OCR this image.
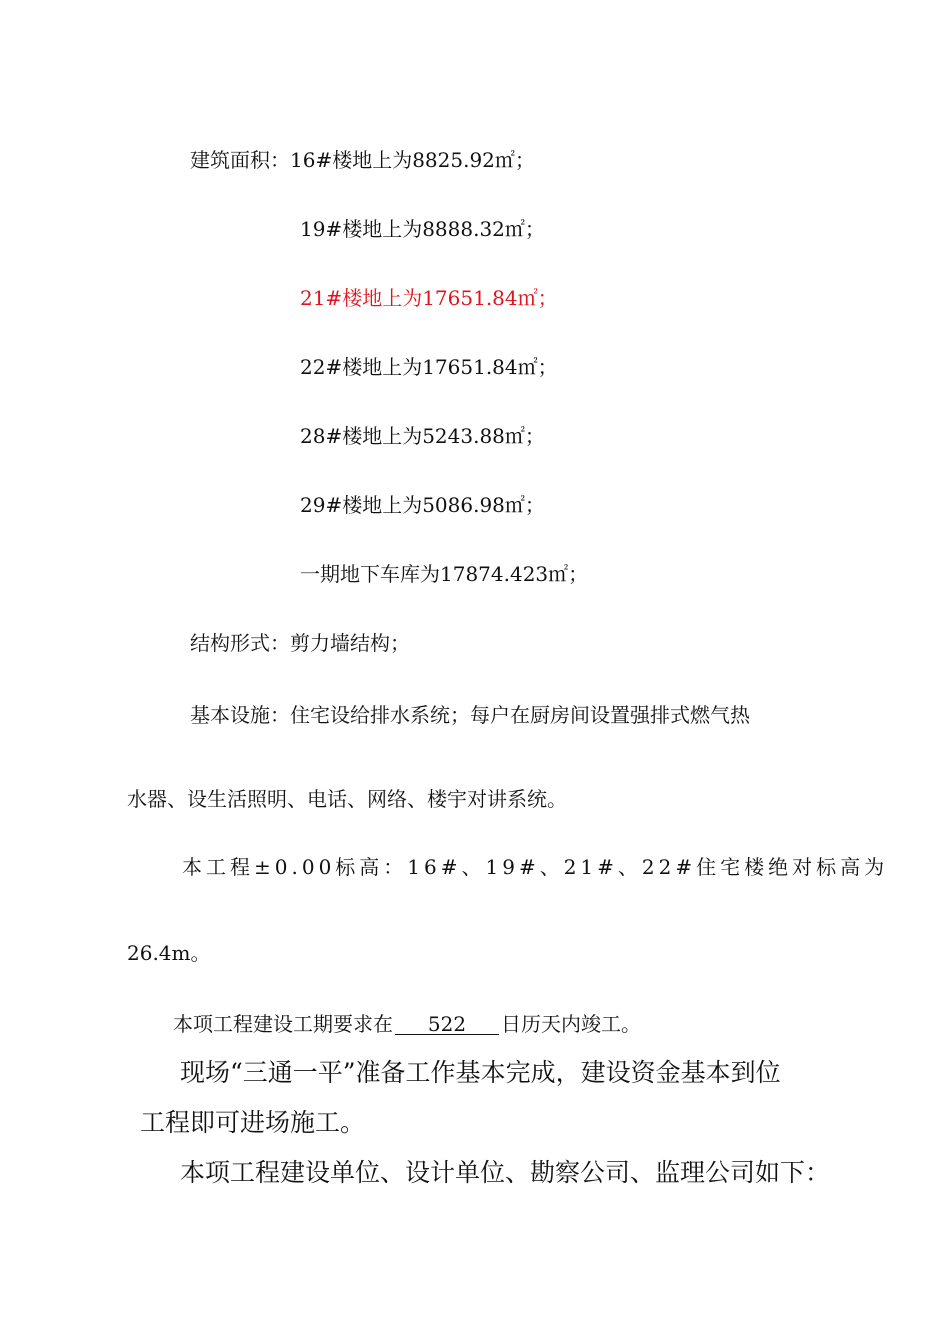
建筑面积：16#楼地上为8825.92㎡；
19#楼地上为8888.32㎡；
21#楼地上为17651.84㎡；
22#楼地上为17651.84㎡；
28#楼地上为5243.88㎡；
29#楼地上为5086.98㎡；
一期地下车库为17874.423㎡；
结构形式：剪力墙结构；
基本设施：住宅设给排水系统；每户在厨房间设置强排式燃气热
水器、设生活照明、电话、网络、楼宇对讲系统。
本工程±0.00标高：16#、19#、21#、22#住宅楼绝对标高为
26.4m。
本项工程建设工期要求在 522 日历天内竣工。
现场“三通一平”准备工作基本完成，建设资金基本到位
工程即可进场施工。
本项工程建设单位、设计单位、勘察公司、监理公司如下：
